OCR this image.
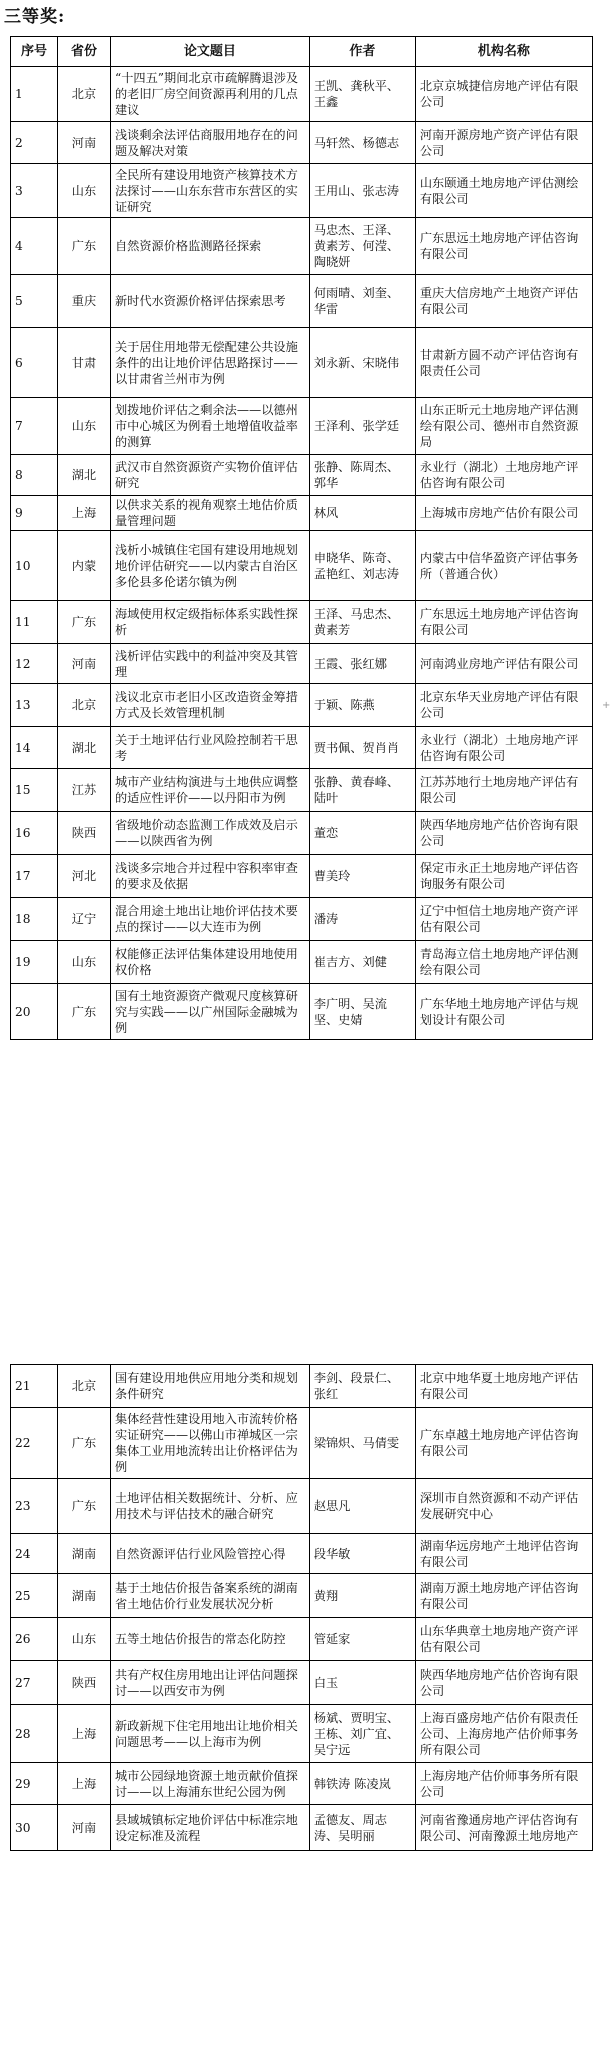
三等奖:
序号	省份	论文题目	作者	机构名称
1	北京	“十四五”期间北京市疏解腾退涉及的老旧厂房空间资源再利用的几点建议	王凯、龚秋平、王鑫	北京京城捷信房地产评估有限公司
2	河南	浅谈剩余法评估商服用地存在的问题及解决对策	马轩然、杨德志	河南开源房地产资产评估有限公司
3	山东	全民所有建设用地资产核算技术方法探讨——山东东营市东营区的实证研究	王用山、张志涛	山东颐通土地房地产评估测绘有限公司
4	广东	自然资源价格监测路径探索	马忠杰、王泽、黄素芳、何滢、陶晓妍	广东思远土地房地产评估咨询有限公司
5	重庆	新时代水资源价格评估探索思考	何雨晴、刘奎、华雷	重庆大信房地产土地资产评估有限公司
6	甘肃	关于居住用地带无偿配建公共设施条件的出让地价评估思路探讨——以甘肃省兰州市为例	刘永新、宋晓伟	甘肃新方圆不动产评估咨询有限责任公司
7	山东	划拨地价评估之剩余法——以德州市中心城区为例看土地增值收益率的测算	王泽利、张学廷	山东正昕元土地房地产评估测绘有限公司、德州市自然资源局
8	湖北	武汉市自然资源资产实物价值评估研究	张静、陈周杰、郭华	永业行（湖北）土地房地产评估咨询有限公司
9	上海	以供求关系的视角观察土地估价质量管理问题	林风	上海城市房地产估价有限公司
10	内蒙	浅析小城镇住宅国有建设用地规划地价评估研究——以内蒙古自治区多伦县多伦诺尔镇为例	申晓华、陈奇、孟艳红、刘志涛	内蒙古中信华盈资产评估事务所（普通合伙）
11	广东	海域使用权定级指标体系实践性探析	王泽、马忠杰、黄素芳	广东思远土地房地产评估咨询有限公司
12	河南	浅析评估实践中的利益冲突及其管理	王霞、张红娜	河南鸿业房地产评估有限公司
13	北京	浅议北京市老旧小区改造资金筹措方式及长效管理机制	于颖、陈燕	北京东华天业房地产评估有限公司
14	湖北	关于土地评估行业风险控制若干思考	贾书佩、贺肖肖	永业行（湖北）土地房地产评估咨询有限公司
15	江苏	城市产业结构演进与土地供应调整的适应性评价——以丹阳市为例	张静、黄春峰、陆叶	江苏苏地行土地房地产评估有限公司
16	陕西	省级地价动态监测工作成效及启示——以陕西省为例	董恋	陕西华地房地产估价咨询有限公司
17	河北	浅谈多宗地合并过程中容积率审查的要求及依据	曹美玲	保定市永正土地房地产评估咨询服务有限公司
18	辽宁	混合用途土地出让地价评估技术要点的探讨——以大连市为例	潘涛	辽宁中恒信土地房地产资产评估有限公司
19	山东	权能修正法评估集体建设用地使用权价格	崔吉方、刘健	青岛海立信土地房地产评估测绘有限公司
20	广东	国有土地资源资产微观尺度核算研究与实践——以广州国际金融城为例	李广明、吴流坚、史婧	广东华地土地房地产评估与规划设计有限公司
21	北京	国有建设用地供应用地分类和规划条件研究	李剑、段景仁、张红	北京中地华夏土地房地产评估有限公司
22	广东	集体经营性建设用地入市流转价格实证研究——以佛山市禅城区一宗集体工业用地流转出让价格评估为例	梁锦炽、马倩雯	广东卓越土地房地产评估咨询有限公司
23	广东	土地评估相关数据统计、分析、应用技术与评估技术的融合研究	赵思凡	深圳市自然资源和不动产评估发展研究中心
24	湖南	自然资源评估行业风险管控心得	段华敏	湖南华远房地产土地评估咨询有限公司
25	湖南	基于土地估价报告备案系统的湖南省土地估价行业发展状况分析	黄翔	湖南万源土地房地产评估咨询有限公司
26	山东	五等土地估价报告的常态化防控	管延家	山东华典章土地房地产资产评估有限公司
27	陕西	共有产权住房用地出让评估问题探讨——以西安市为例	白玉	陕西华地房地产估价咨询有限公司
28	上海	新政新规下住宅用地出让地价相关问题思考——以上海市为例	杨斌、贾明宝、王栋、刘广宜、吴宁远	上海百盛房地产估价有限责任公司、上海房地产估价师事务所有限公司
29	上海	城市公园绿地资源土地贡献价值探讨——以上海浦东世纪公园为例	韩铁涛 陈凌岚	上海房地产估价师事务所有限公司
30	河南	县域城镇标定地价评估中标准宗地设定标准及流程	孟德友、周志涛、吴明丽	河南省豫通房地产评估咨询有限公司、河南豫源土地房地产
+
